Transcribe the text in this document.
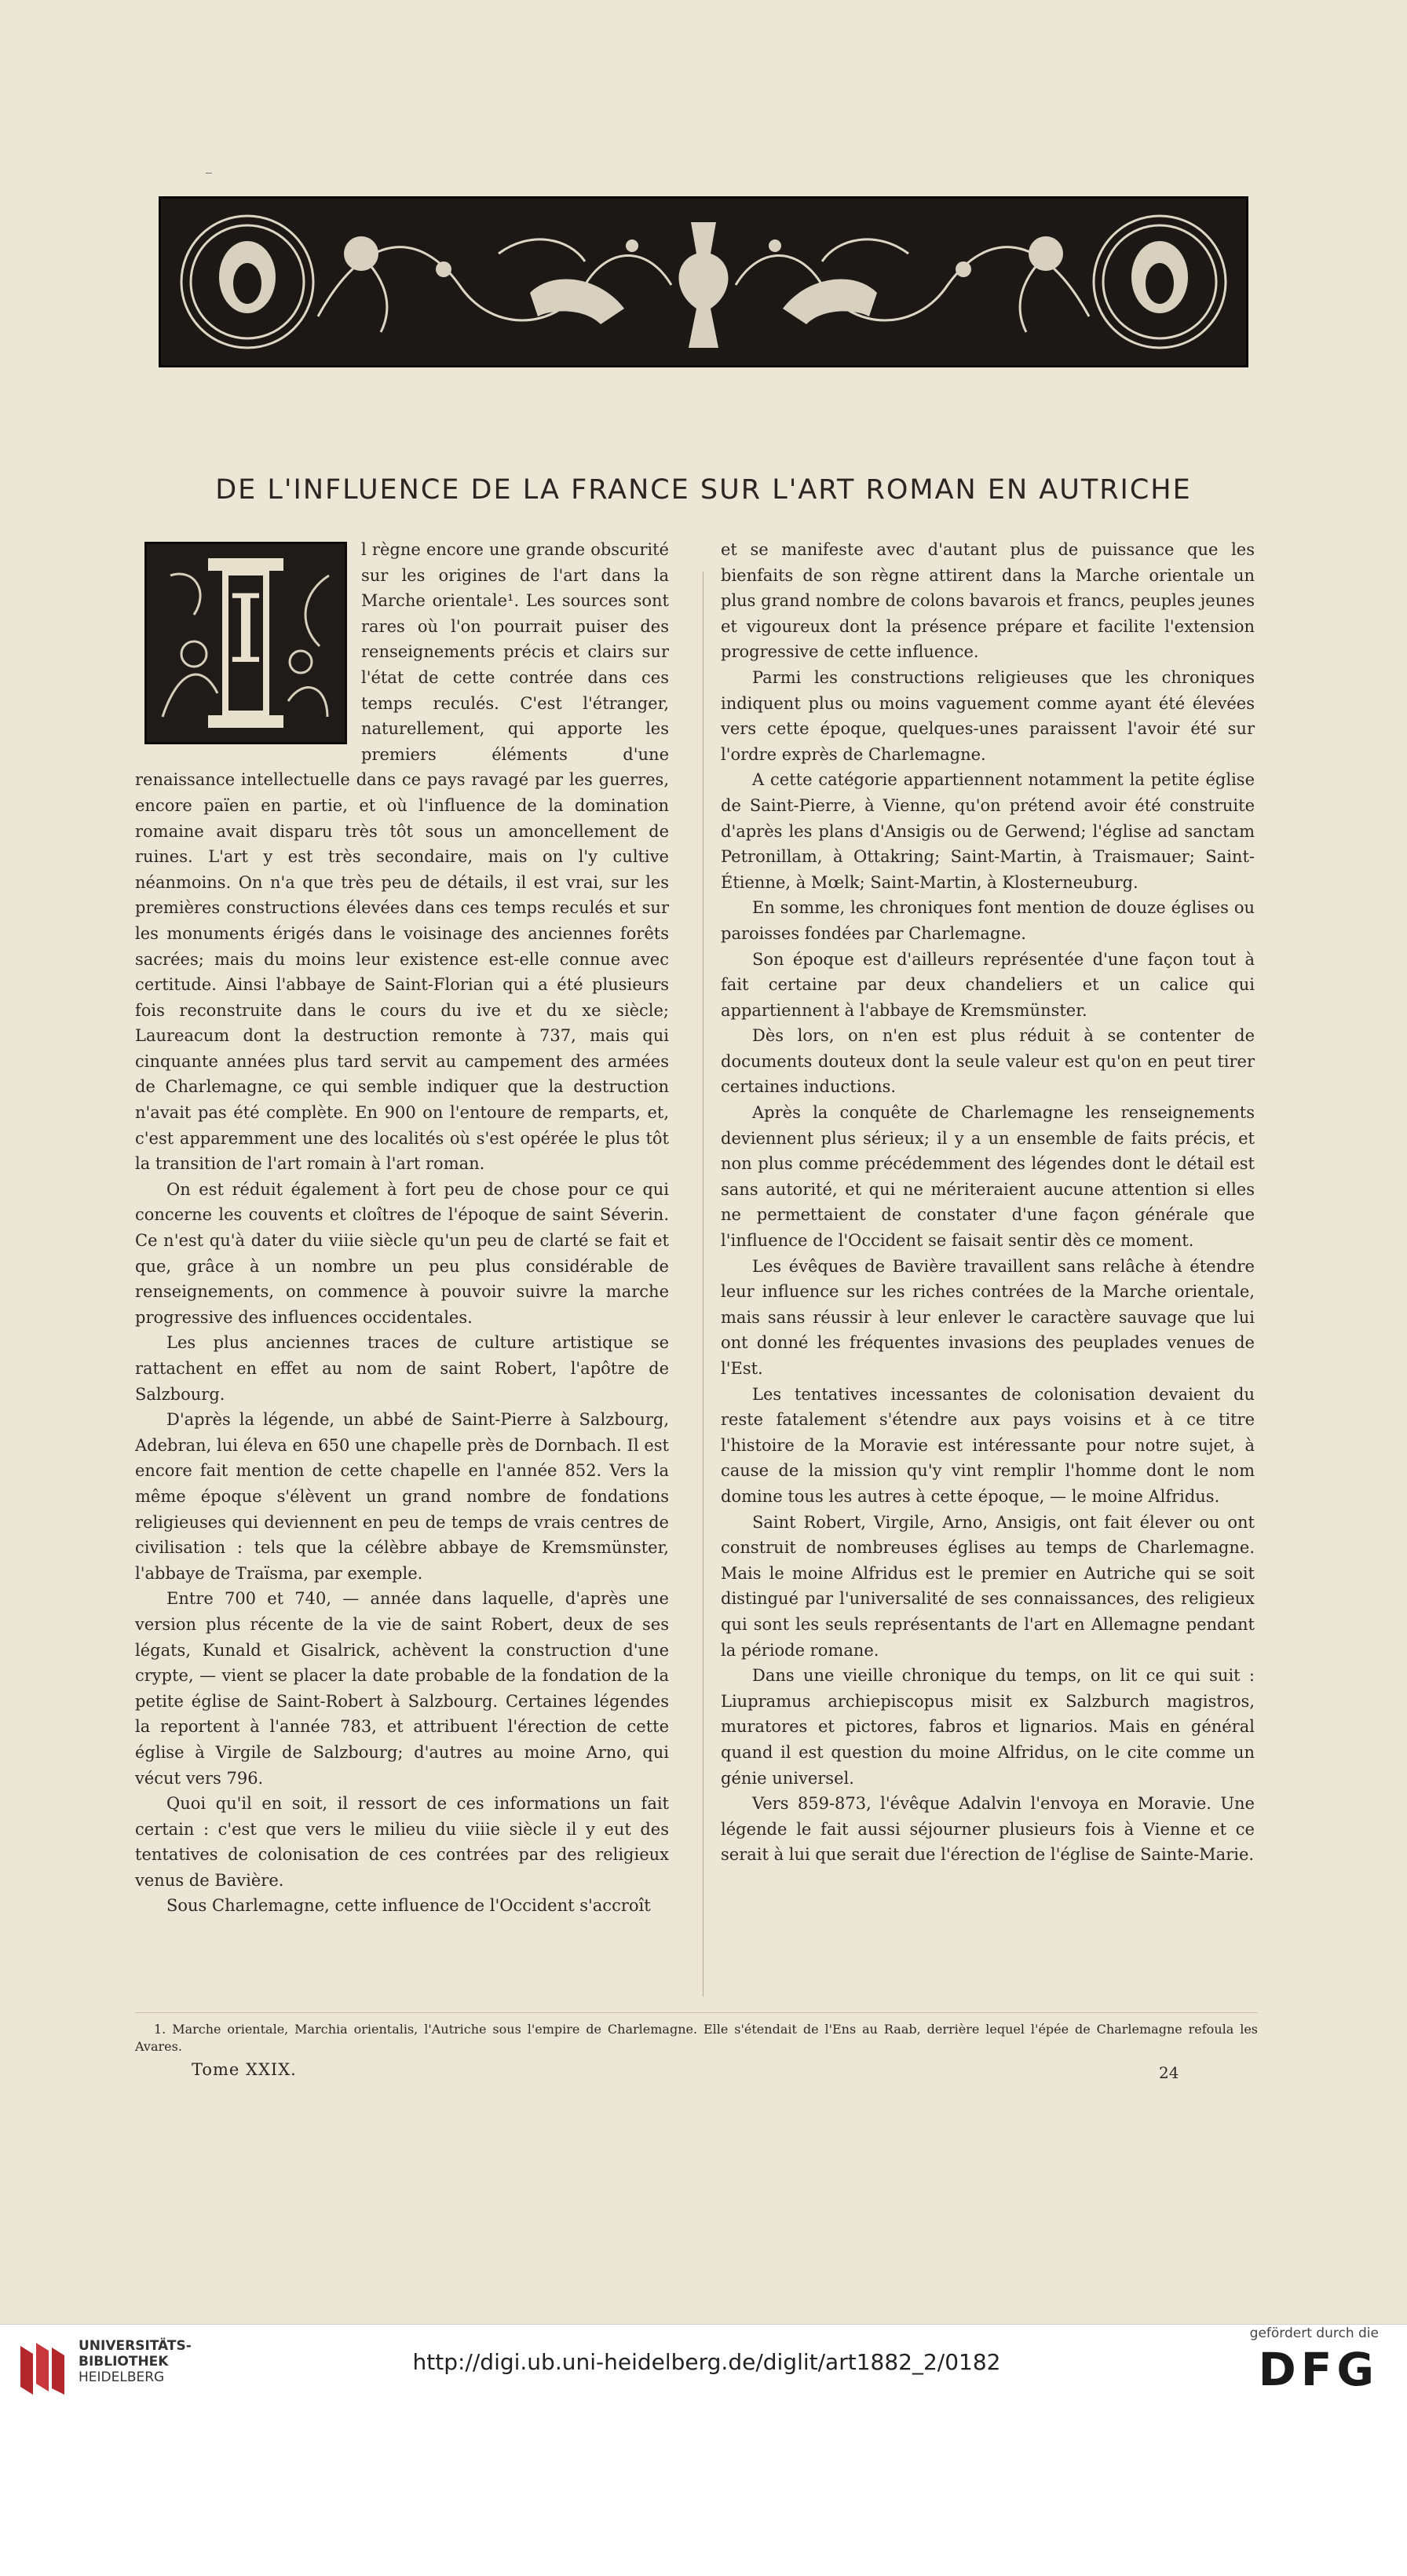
DE L'INFLUENCE DE LA FRANCE SUR L'ART ROMAN EN AUTRICHE
I

l règne encore une grande obscurité sur les origines de l'art dans la Marche orientale¹. Les sources sont rares où l'on pourrait puiser des renseignements précis et clairs sur l'état de cette contrée dans ces temps reculés. C'est l'étranger, naturellement, qui apporte les premiers éléments d'une renaissance intellectuelle dans ce pays ravagé par les guerres, encore païen en partie, et où l'influence de la domination romaine avait disparu très tôt sous un amoncellement de ruines. L'art y est très secondaire, mais on l'y cultive néanmoins. On n'a que très peu de détails, il est vrai, sur les premières constructions élevées dans ces temps reculés et sur les monuments érigés dans le voisinage des anciennes forêts sacrées; mais du moins leur existence est-elle connue avec certitude. Ainsi l'abbaye de Saint-Florian qui a été plusieurs fois reconstruite dans le cours du ive et du xe siècle; Laureacum dont la destruction remonte à 737, mais qui cinquante années plus tard servit au campement des armées de Charlemagne, ce qui semble indiquer que la destruction n'avait pas été complète. En 900 on l'entoure de remparts, et, c'est apparemment une des localités où s'est opérée le plus tôt la transition de l'art romain à l'art roman.

On est réduit également à fort peu de chose pour ce qui concerne les couvents et cloîtres de l'époque de saint Séverin. Ce n'est qu'à dater du viiie siècle qu'un peu de clarté se fait et que, grâce à un nombre un peu plus considérable de renseignements, on commence à pouvoir suivre la marche progressive des influences occidentales.

Les plus anciennes traces de culture artistique se rattachent en effet au nom de saint Robert, l'apôtre de Salzbourg.

D'après la légende, un abbé de Saint-Pierre à Salzbourg, Adebran, lui éleva en 650 une chapelle près de Dornbach. Il est encore fait mention de cette chapelle en l'année 852. Vers la même époque s'élèvent un grand nombre de fondations religieuses qui deviennent en peu de temps de vrais centres de civilisation : tels que la célèbre abbaye de Kremsmünster, l'abbaye de Traïsma, par exemple.

Entre 700 et 740, — année dans laquelle, d'après une version plus récente de la vie de saint Robert, deux de ses légats, Kunald et Gisalrick, achèvent la construction d'une crypte, — vient se placer la date probable de la fondation de la petite église de Saint-Robert à Salzbourg. Certaines légendes la reportent à l'année 783, et attribuent l'érection de cette église à Virgile de Salzbourg; d'autres au moine Arno, qui vécut vers 796.

Quoi qu'il en soit, il ressort de ces informations un fait certain : c'est que vers le milieu du viiie siècle il y eut des tentatives de colonisation de ces contrées par des religieux venus de Bavière.

Sous Charlemagne, cette influence de l'Occident s'accroît

et se manifeste avec d'autant plus de puissance que les bienfaits de son règne attirent dans la Marche orientale un plus grand nombre de colons bavarois et francs, peuples jeunes et vigoureux dont la présence prépare et facilite l'extension progressive de cette influence.

Parmi les constructions religieuses que les chroniques indiquent plus ou moins vaguement comme ayant été élevées vers cette époque, quelques-unes paraissent l'avoir été sur l'ordre exprès de Charlemagne.

A cette catégorie appartiennent notamment la petite église de Saint-Pierre, à Vienne, qu'on prétend avoir été construite d'après les plans d'Ansigis ou de Gerwend; l'église ad sanctam Petronillam, à Ottakring; Saint-Martin, à Traismauer; Saint-Étienne, à Mœlk; Saint-Martin, à Klosterneuburg.

En somme, les chroniques font mention de douze églises ou paroisses fondées par Charlemagne.

Son époque est d'ailleurs représentée d'une façon tout à fait certaine par deux chandeliers et un calice qui appartiennent à l'abbaye de Kremsmünster.

Dès lors, on n'en est plus réduit à se contenter de documents douteux dont la seule valeur est qu'on en peut tirer certaines inductions.

Après la conquête de Charlemagne les renseignements deviennent plus sérieux; il y a un ensemble de faits précis, et non plus comme précédemment des légendes dont le détail est sans autorité, et qui ne mériteraient aucune attention si elles ne permettaient de constater d'une façon générale que l'influence de l'Occident se faisait sentir dès ce moment.

Les évêques de Bavière travaillent sans relâche à étendre leur influence sur les riches contrées de la Marche orientale, mais sans réussir à leur enlever le caractère sauvage que lui ont donné les fréquentes invasions des peuplades venues de l'Est.

Les tentatives incessantes de colonisation devaient du reste fatalement s'étendre aux pays voisins et à ce titre l'histoire de la Moravie est intéressante pour notre sujet, à cause de la mission qu'y vint remplir l'homme dont le nom domine tous les autres à cette époque, — le moine Alfridus.

Saint Robert, Virgile, Arno, Ansigis, ont fait élever ou ont construit de nombreuses églises au temps de Charlemagne. Mais le moine Alfridus est le premier en Autriche qui se soit distingué par l'universalité de ses connaissances, des religieux qui sont les seuls représentants de l'art en Allemagne pendant la période romane.

Dans une vieille chronique du temps, on lit ce qui suit : Liupramus archiepiscopus misit ex Salzburch magistros, muratores et pictores, fabros et lignarios. Mais en général quand il est question du moine Alfridus, on le cite comme un génie universel.

Vers 859-873, l'évêque Adalvin l'envoya en Moravie. Une légende le fait aussi séjourner plusieurs fois à Vienne et ce serait à lui que serait due l'érection de l'église de Sainte-Marie.

1. Marche orientale, Marchia orientalis, l'Autriche sous l'empire de Charlemagne. Elle s'étendait de l'Ens au Raab, derrière lequel l'épée de Charlemagne refoula les Avares.

Tome XXIX.	24
UNIVERSITÄTS-
BIBLIOTHEK
HEIDELBERG
http://digi.ub.uni-heidelberg.de/diglit/art1882_2/0182
gefördert durch die
DFG
